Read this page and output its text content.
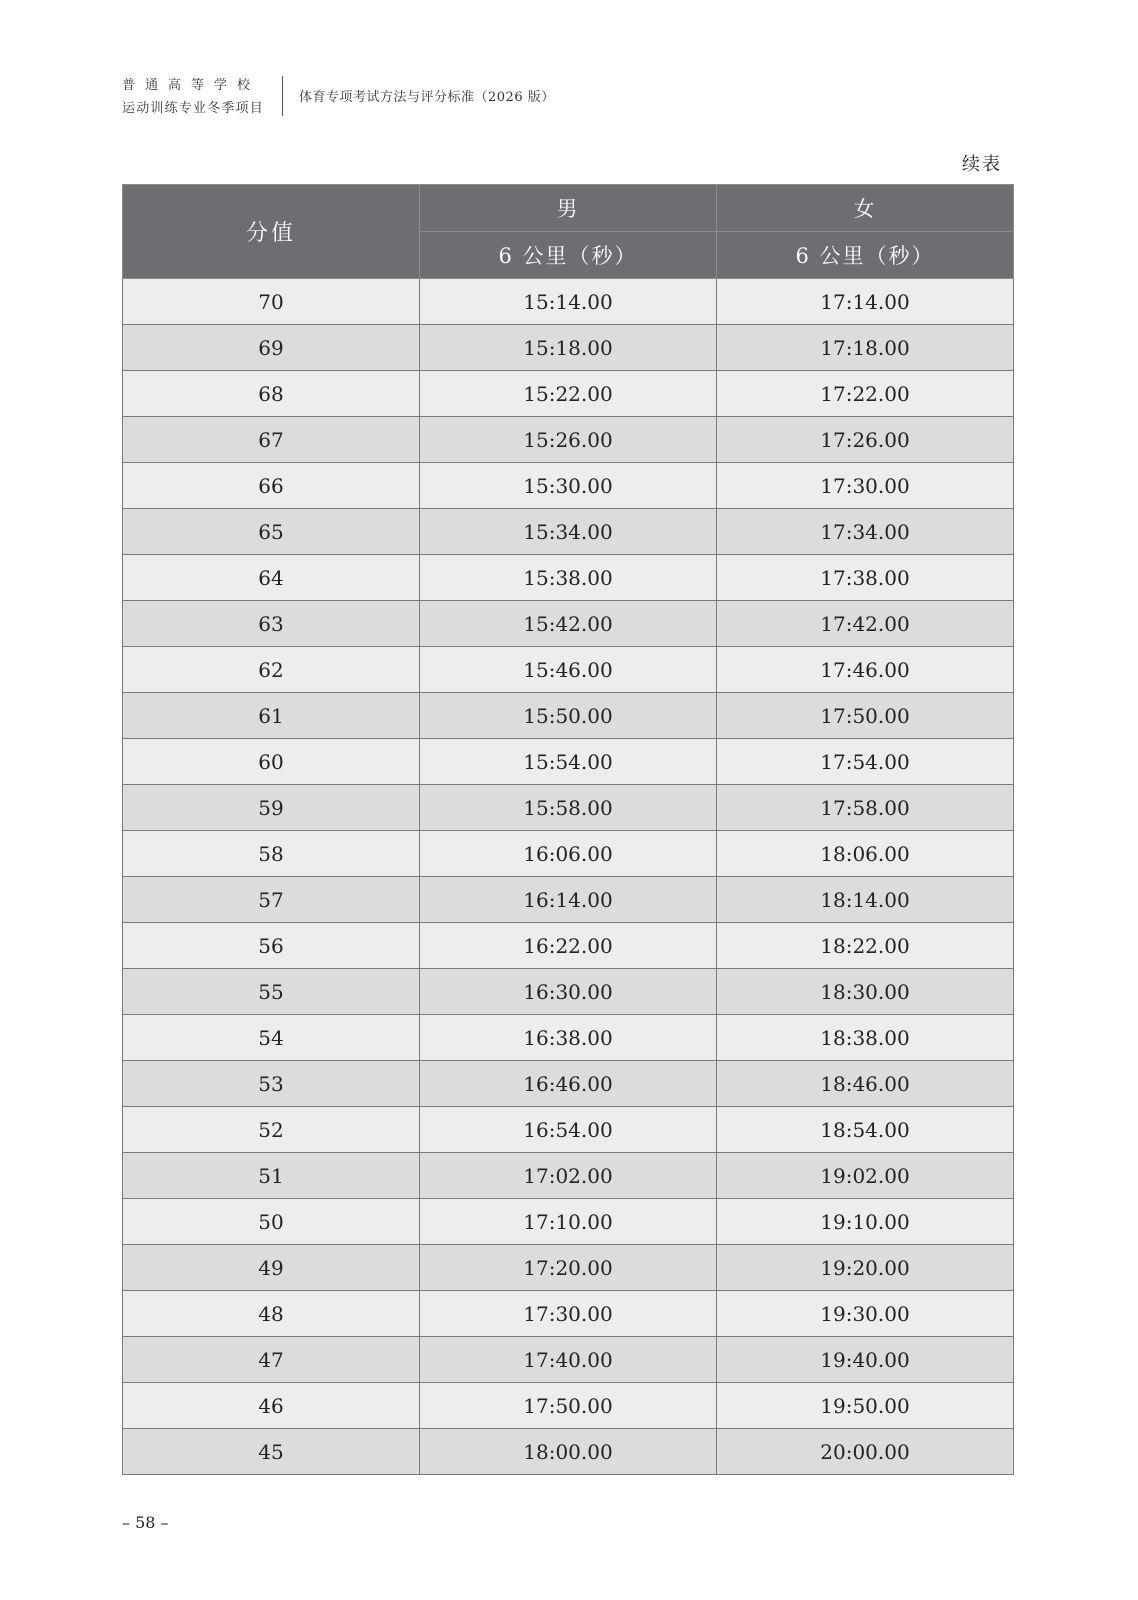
普通高等学校
运动训练专业冬季项目
体育专项考试方法与评分标准（2026 版）
续表
分值	男	女
	6 公里（秒）	6 公里（秒）
70	15:14.00	17:14.00
69	15:18.00	17:18.00
68	15:22.00	17:22.00
67	15:26.00	17:26.00
66	15:30.00	17:30.00
65	15:34.00	17:34.00
64	15:38.00	17:38.00
63	15:42.00	17:42.00
62	15:46.00	17:46.00
61	15:50.00	17:50.00
60	15:54.00	17:54.00
59	15:58.00	17:58.00
58	16:06.00	18:06.00
57	16:14.00	18:14.00
56	16:22.00	18:22.00
55	16:30.00	18:30.00
54	16:38.00	18:38.00
53	16:46.00	18:46.00
52	16:54.00	18:54.00
51	17:02.00	19:02.00
50	17:10.00	19:10.00
49	17:20.00	19:20.00
48	17:30.00	19:30.00
47	17:40.00	19:40.00
46	17:50.00	19:50.00
45	18:00.00	20:00.00
– 58 –
